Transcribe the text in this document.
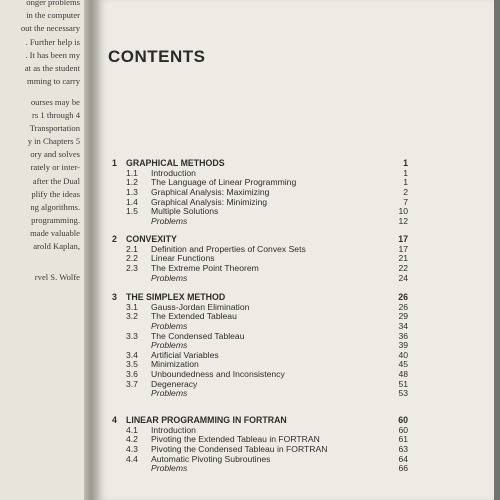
onger problems
in the computer
out the necessary
. Further help is
. It has been my
at as the student
mming to carry
ourses may be
rs 1 through 4
Transportation
y in Chapters 5
ory and solves
rately or inter-
after the Dual
plify the ideas
ng algorithms.
programming.
made valuable
arold Kaplan,
rvel S. Wolfe
CONTENTS
1 GRAPHICAL METHODS	1
1.1 Introduction	1
1.2 The Language of Linear Programming	1
1.3 Graphical Analysis: Maximizing	2
1.4 Graphical Analysis: Minimizing	7
1.5 Multiple Solutions	10
Problems	12
2 CONVEXITY	17
2.1 Definition and Properties of Convex Sets	17
2.2 Linear Functions	21
2.3 The Extreme Point Theorem	22
Problems	24
3 THE SIMPLEX METHOD	26
3.1 Gauss-Jordan Elimination	26
3.2 The Extended Tableau	29
Problems	34
3.3 The Condensed Tableau	36
Problems	39
3.4 Artificial Variables	40
3.5 Minimization	45
3.6 Unboundedness and Inconsistency	48
3.7 Degeneracy	51
Problems	53
4 LINEAR PROGRAMMING IN FORTRAN	60
4.1 Introduction	60
4.2 Pivoting the Extended Tableau in FORTRAN	61
4.3 Pivoting the Condensed Tableau in FORTRAN	63
4.4 Automatic Pivoting Subroutines	64
Problems	66
